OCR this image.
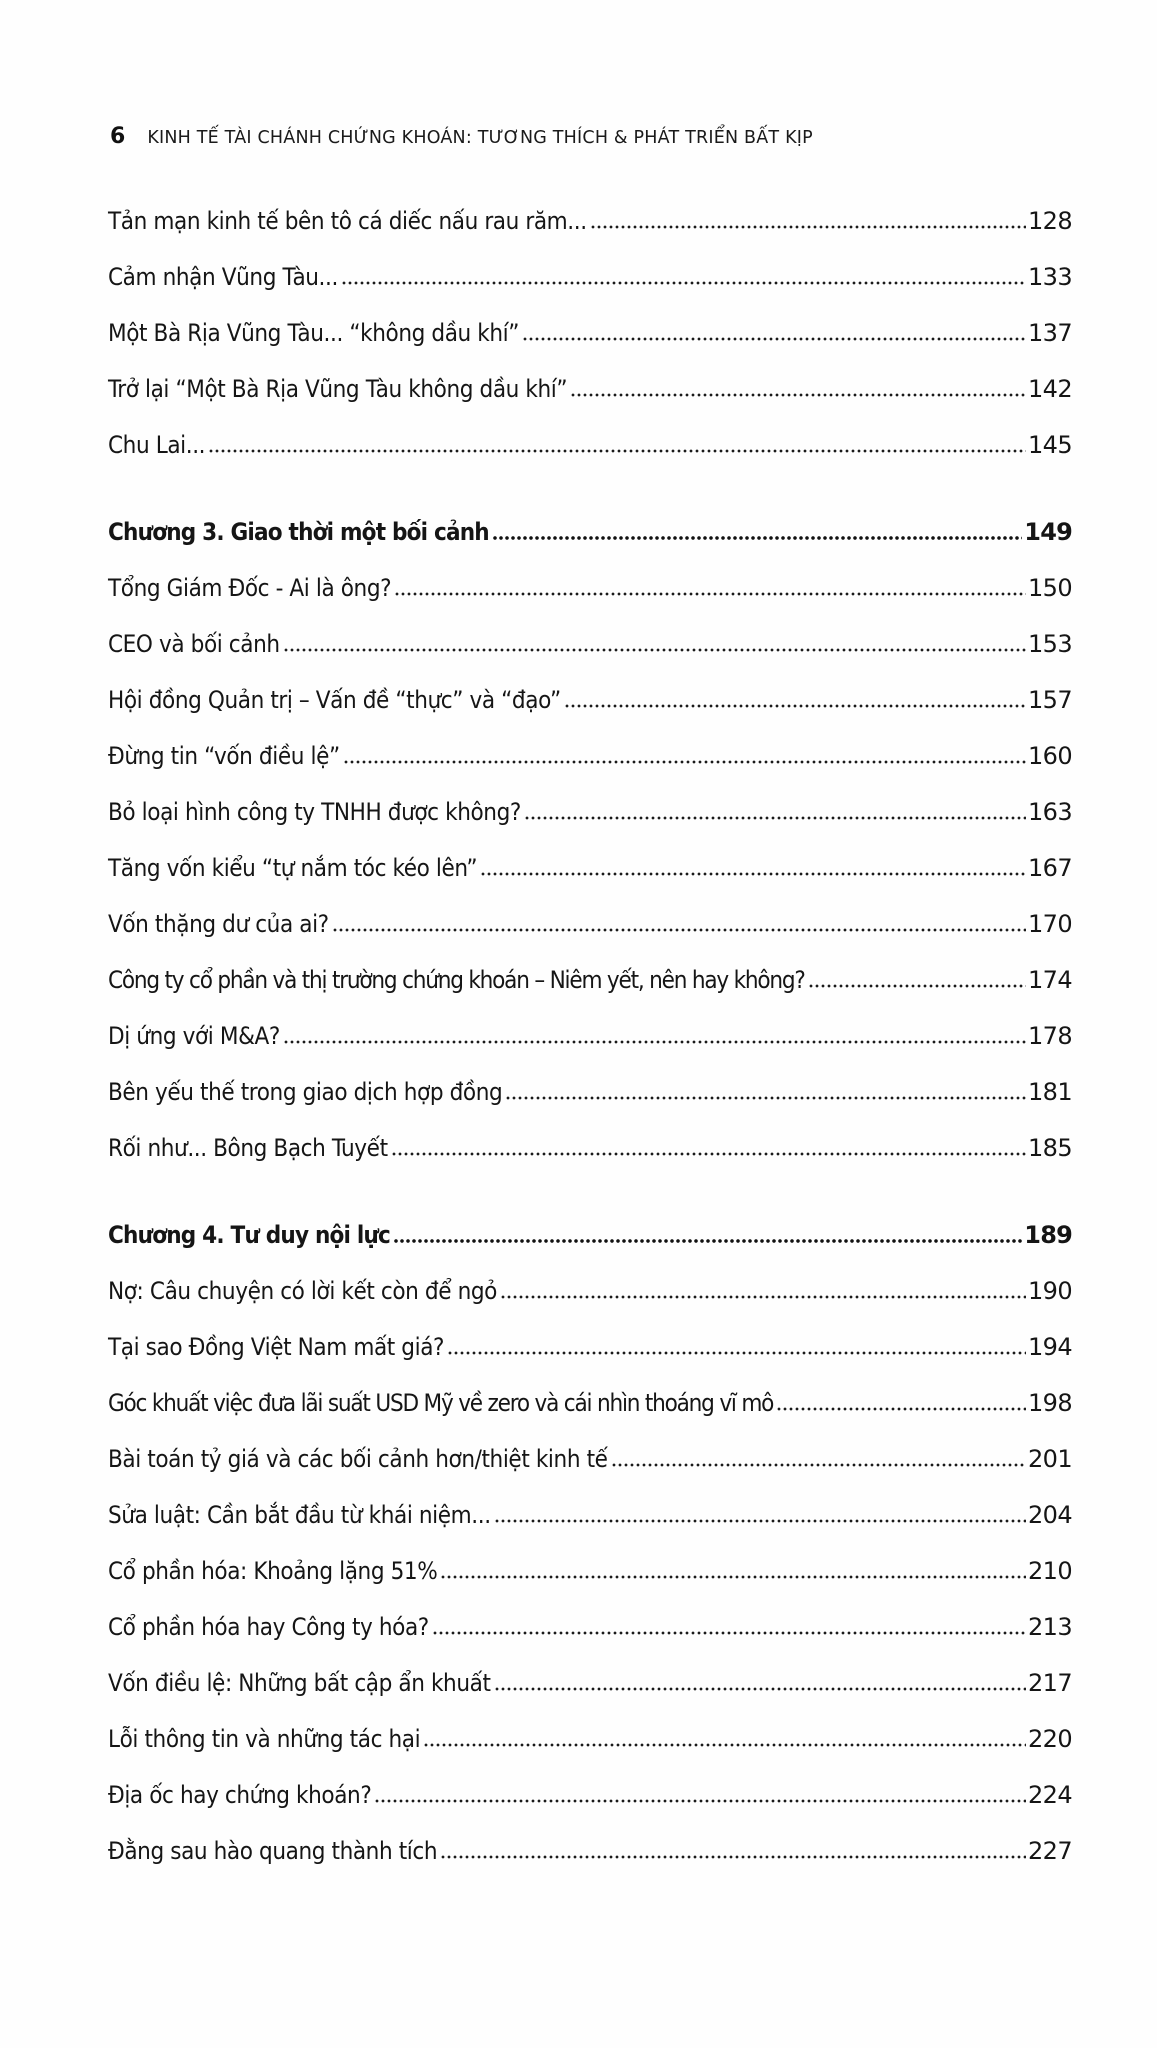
6 KINH TẾ TÀI CHÁNH CHỨNG KHOÁN: TƯƠNG THÍCH & PHÁT TRIỂN BẤT KỊP
Tản mạn kinh tế bên tô cá diếc nấu rau răm...	128
Cảm nhận Vũng Tàu...	133
Một Bà Rịa Vũng Tàu... “không dầu khí”	137
Trở lại “Một Bà Rịa Vũng Tàu không dầu khí”	142
Chu Lai...	145
Chương 3. Giao thời một bối cảnh	149
Tổng Giám Đốc - Ai là ông?	150
CEO và bối cảnh	153
Hội đồng Quản trị – Vấn đề “thực” và “đạo”	157
Đừng tin “vốn điều lệ”	160
Bỏ loại hình công ty TNHH được không?	163
Tăng vốn kiểu “tự nắm tóc kéo lên”	167
Vốn thặng dư của ai?	170
Công ty cổ phần và thị trường chứng khoán – Niêm yết, nên hay không?	174
Dị ứng với M&A?	178
Bên yếu thế trong giao dịch hợp đồng	181
Rối như... Bông Bạch Tuyết	185
Chương 4. Tư duy nội lực	189
Nợ: Câu chuyện có lời kết còn để ngỏ	190
Tại sao Đồng Việt Nam mất giá?	194
Góc khuất việc đưa lãi suất USD Mỹ về zero và cái nhìn thoáng vĩ mô	198
Bài toán tỷ giá và các bối cảnh hơn/thiệt kinh tế	201
Sửa luật: Cần bắt đầu từ khái niệm...	204
Cổ phần hóa: Khoảng lặng 51%	210
Cổ phần hóa hay Công ty hóa?	213
Vốn điều lệ: Những bất cập ẩn khuất	217
Lỗi thông tin và những tác hại	220
Địa ốc hay chứng khoán?	224
Đằng sau hào quang thành tích	227
